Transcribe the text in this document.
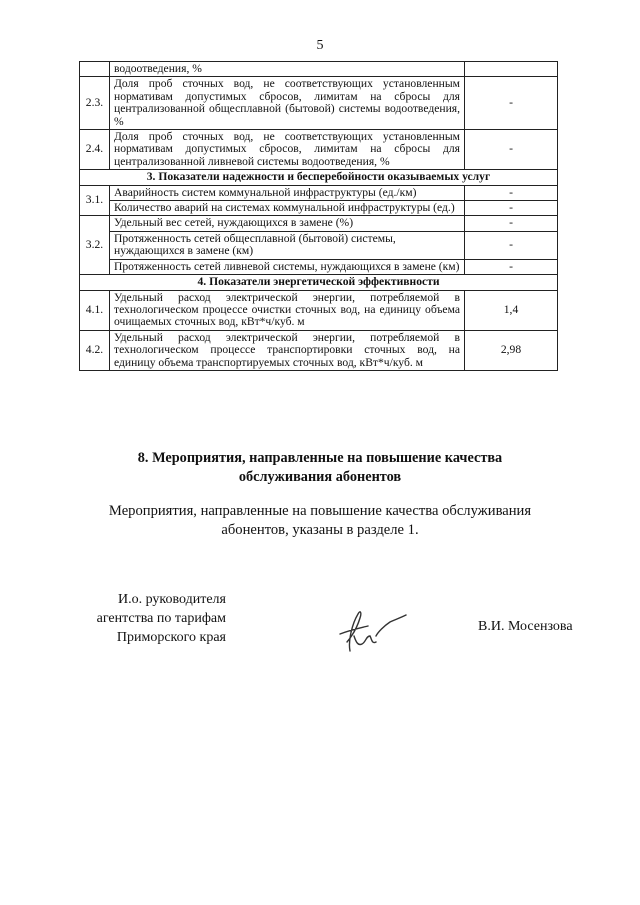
5
	водоотведения, %	
2.3.	Доля проб сточных вод, не соответствующих установленным нормативам допустимых сбросов, лимитам на сбросы для централизованной общесплавной (бытовой) системы водоотведения, %	-
2.4.	Доля проб сточных вод, не соответствующих установленным нормативам допустимых сбросов, лимитам на сбросы для централизованной ливневой системы водоотведения, %	-
3. Показатели надежности и бесперебойности оказываемых услуг		
3.1.	Аварийность систем коммунальной инфраструктуры (ед./км)	-
	Количество аварий на системах коммунальной инфраструктуры (ед.)	-
3.2.	Удельный вес сетей, нуждающихся в замене (%)	-
	Протяженность сетей общесплавной (бытовой) системы, нуждающихся в замене (км)	-
	Протяженность сетей ливневой системы, нуждающихся в замене (км)	-
4. Показатели энергетической эффективности		
4.1.	Удельный расход электрической энергии, потребляемой в технологическом процессе очистки сточных вод, на единицу объема очищаемых сточных вод, кВт*ч/куб. м	1,4
4.2.	Удельный расход электрической энергии, потребляемой в технологическом процессе транспортировки сточных вод, на единицу объема транспортируемых сточных вод, кВт*ч/куб. м	2,98
8. Мероприятия, направленные на повышение качества
обслуживания абонентов
Мероприятия, направленные на повышение качества обслуживания
абонентов, указаны в разделе 1.
И.о. руководителя
агентства по тарифам
Приморского края
В.И. Мосензова
